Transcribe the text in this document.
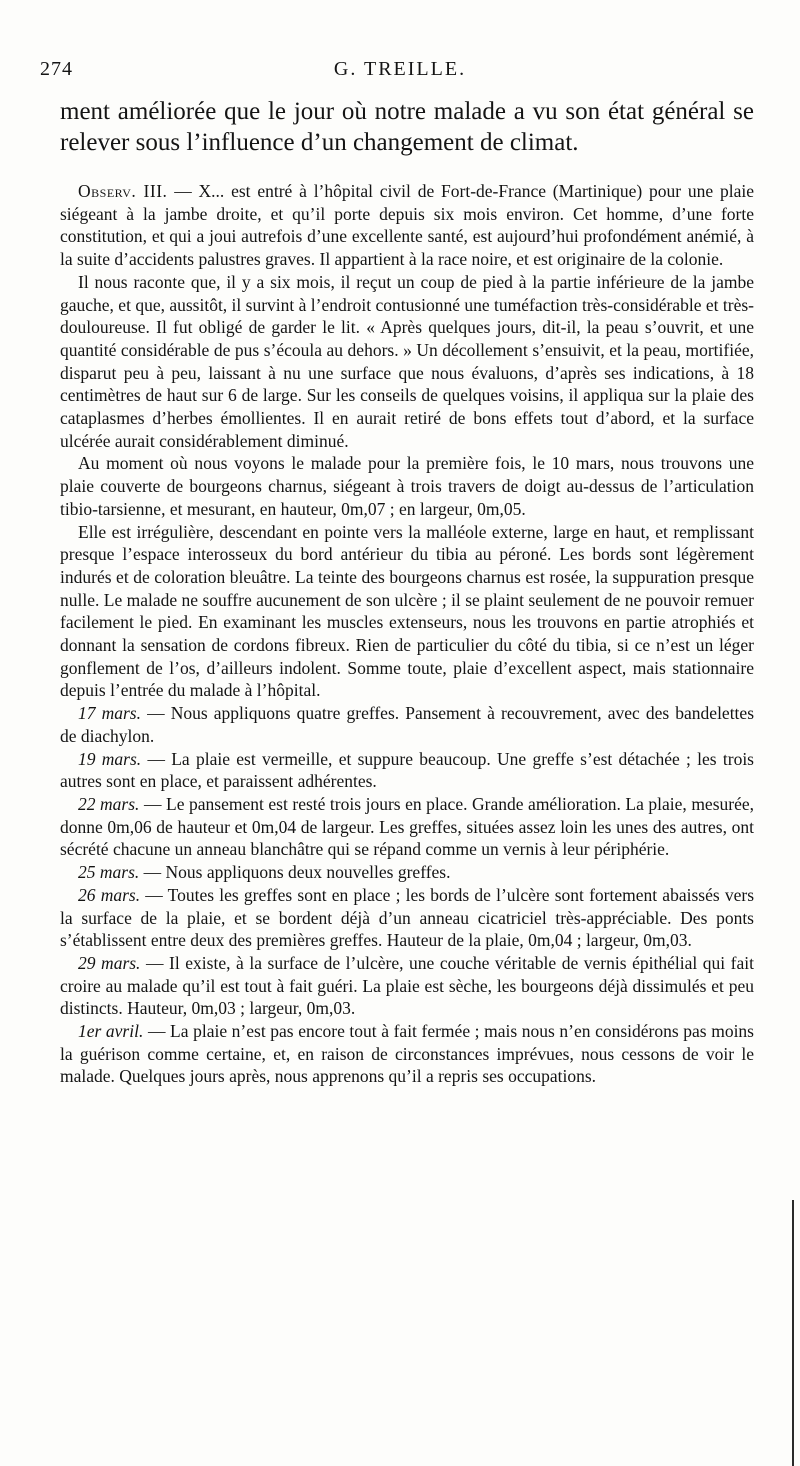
274	G. TREILLE.

ment améliorée que le jour où notre malade a vu son état général se relever sous l’influence d’un changement de climat.

Observ. III. — X... est entré à l’hôpital civil de Fort-de-France (Martinique) pour une plaie siégeant à la jambe droite, et qu’il porte depuis six mois environ. Cet homme, d’une forte constitution, et qui a joui autrefois d’une excellente santé, est aujourd’hui profondément anémié, à la suite d’accidents palustres graves. Il appartient à la race noire, et est originaire de la colonie.

Il nous raconte que, il y a six mois, il reçut un coup de pied à la partie inférieure de la jambe gauche, et que, aussitôt, il survint à l’endroit contusionné une tuméfaction très-considérable et très-douloureuse. Il fut obligé de garder le lit. « Après quelques jours, dit-il, la peau s’ouvrit, et une quantité considérable de pus s’écoula au dehors. » Un décollement s’ensuivit, et la peau, mortifiée, disparut peu à peu, laissant à nu une surface que nous évaluons, d’après ses indications, à 18 centimètres de haut sur 6 de large. Sur les conseils de quelques voisins, il appliqua sur la plaie des cataplasmes d’herbes émollientes. Il en aurait retiré de bons effets tout d’abord, et la surface ulcérée aurait considérablement diminué.

Au moment où nous voyons le malade pour la première fois, le 10 mars, nous trouvons une plaie couverte de bourgeons charnus, siégeant à trois travers de doigt au-dessus de l’articulation tibio-tarsienne, et mesurant, en hauteur, 0m,07 ; en largeur, 0m,05.

Elle est irrégulière, descendant en pointe vers la malléole externe, large en haut, et remplissant presque l’espace interosseux du bord antérieur du tibia au péroné. Les bords sont légèrement indurés et de coloration bleuâtre. La teinte des bourgeons charnus est rosée, la suppuration presque nulle. Le malade ne souffre aucunement de son ulcère ; il se plaint seulement de ne pouvoir remuer facilement le pied. En examinant les muscles extenseurs, nous les trouvons en partie atrophiés et donnant la sensation de cordons fibreux. Rien de particulier du côté du tibia, si ce n’est un léger gonflement de l’os, d’ailleurs indolent. Somme toute, plaie d’excellent aspect, mais stationnaire depuis l’entrée du malade à l’hôpital.

17 mars. — Nous appliquons quatre greffes. Pansement à recouvrement, avec des bandelettes de diachylon.

19 mars. — La plaie est vermeille, et suppure beaucoup. Une greffe s’est détachée ; les trois autres sont en place, et paraissent adhérentes.

22 mars. — Le pansement est resté trois jours en place. Grande amélioration. La plaie, mesurée, donne 0m,06 de hauteur et 0m,04 de largeur. Les greffes, situées assez loin les unes des autres, ont sécrété chacune un anneau blanchâtre qui se répand comme un vernis à leur périphérie.

25 mars. — Nous appliquons deux nouvelles greffes.

26 mars. — Toutes les greffes sont en place ; les bords de l’ulcère sont fortement abaissés vers la surface de la plaie, et se bordent déjà d’un anneau cicatriciel très-appréciable. Des ponts s’établissent entre deux des premières greffes. Hauteur de la plaie, 0m,04 ; largeur, 0m,03.

29 mars. — Il existe, à la surface de l’ulcère, une couche véritable de vernis épithélial qui fait croire au malade qu’il est tout à fait guéri. La plaie est sèche, les bourgeons déjà dissimulés et peu distincts. Hauteur, 0m,03 ; largeur, 0m,03.

1er avril. — La plaie n’est pas encore tout à fait fermée ; mais nous n’en considérons pas moins la guérison comme certaine, et, en raison de circonstances imprévues, nous cessons de voir le malade. Quelques jours après, nous apprenons qu’il a repris ses occupations.
